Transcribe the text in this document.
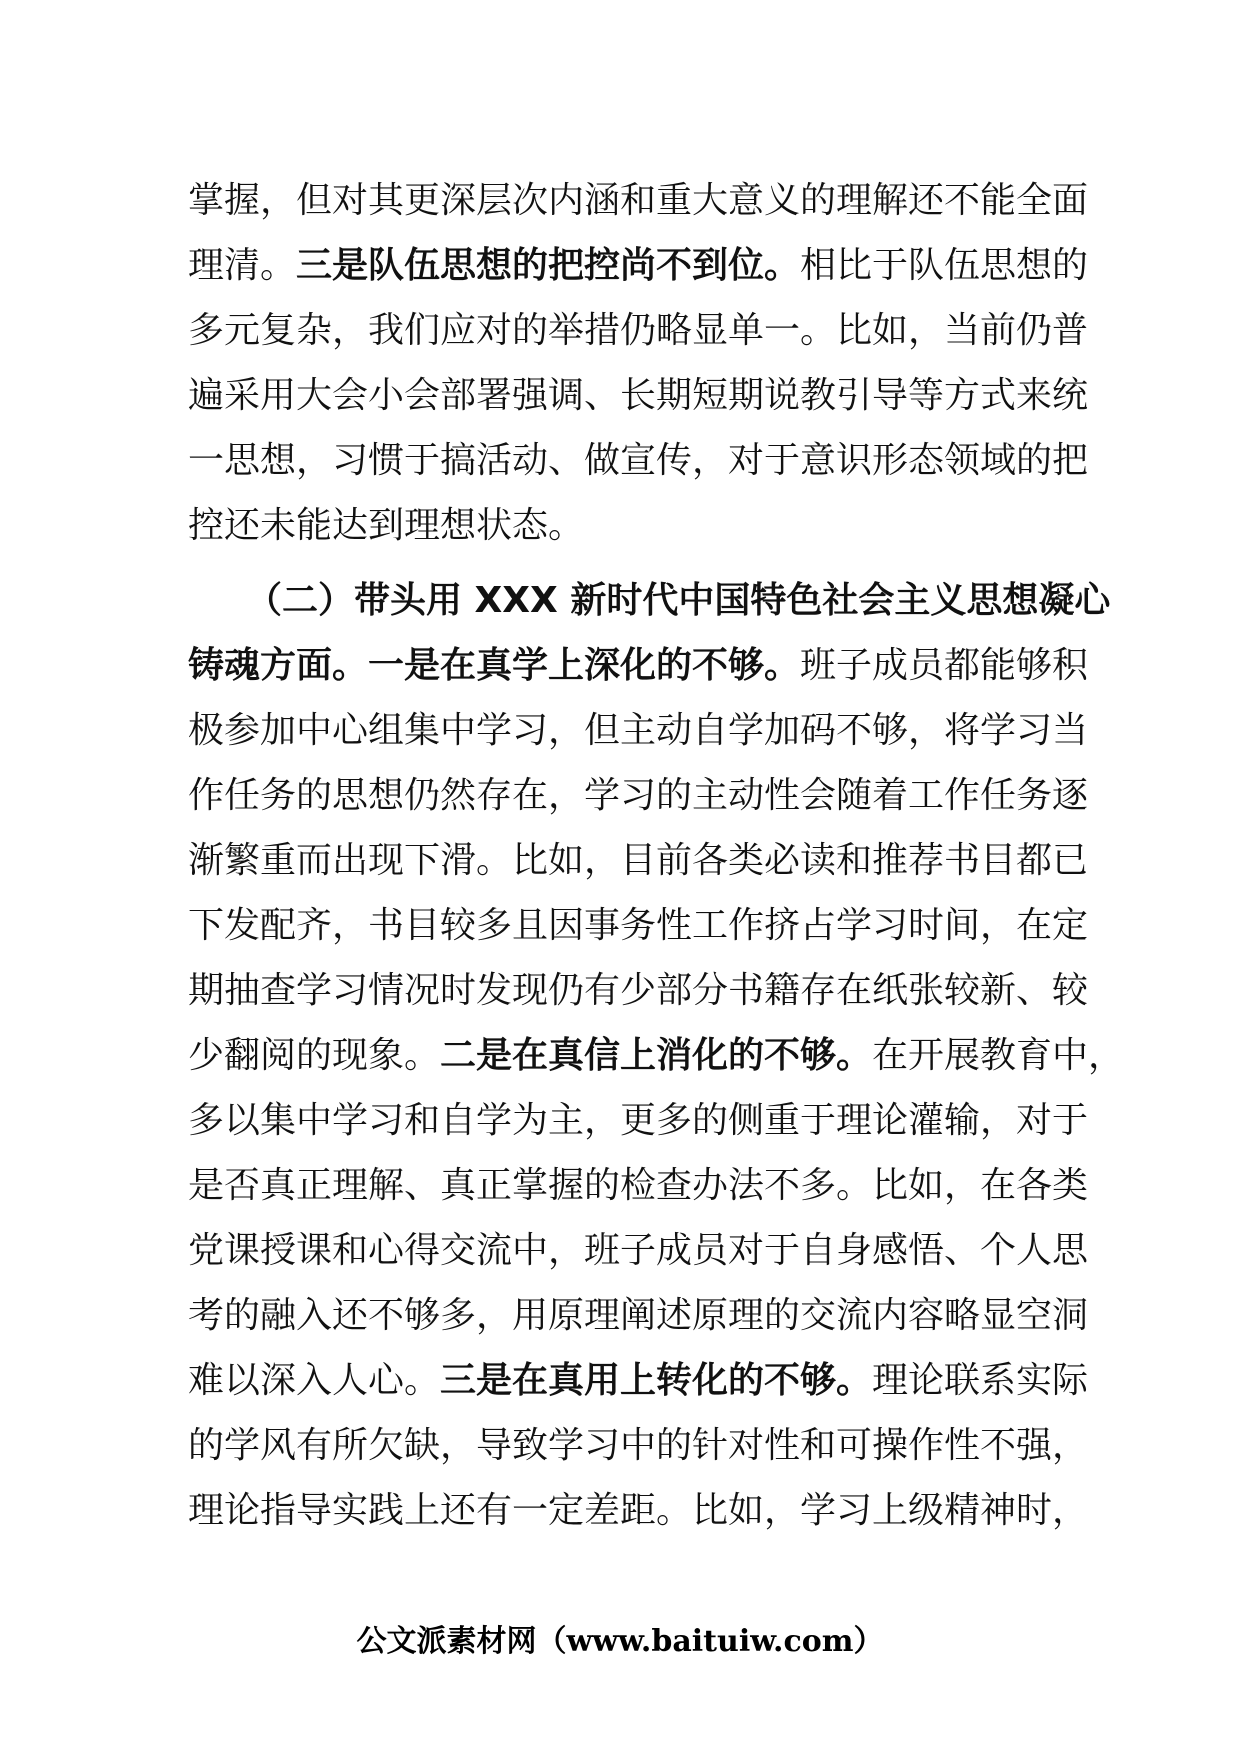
掌握，但对其更深层次内涵和重大意义的理解还不能全面
理清。三是队伍思想的把控尚不到位。相比于队伍思想的
多元复杂，我们应对的举措仍略显单一。比如，当前仍普
遍采用大会小会部署强调、长期短期说教引导等方式来统
一思想，习惯于搞活动、做宣传，对于意识形态领域的把
控还未能达到理想状态。
（二）带头用 XXX 新时代中国特色社会主义思想凝心
铸魂方面。一是在真学上深化的不够。班子成员都能够积
极参加中心组集中学习，但主动自学加码不够，将学习当
作任务的思想仍然存在，学习的主动性会随着工作任务逐
渐繁重而出现下滑。比如，目前各类必读和推荐书目都已
下发配齐，书目较多且因事务性工作挤占学习时间，在定
期抽查学习情况时发现仍有少部分书籍存在纸张较新、较
少翻阅的现象。二是在真信上消化的不够。在开展教育中，
多以集中学习和自学为主，更多的侧重于理论灌输，对于
是否真正理解、真正掌握的检查办法不多。比如，在各类
党课授课和心得交流中，班子成员对于自身感悟、个人思
考的融入还不够多，用原理阐述原理的交流内容略显空洞
难以深入人心。三是在真用上转化的不够。理论联系实际
的学风有所欠缺，导致学习中的针对性和可操作性不强，
理论指导实践上还有一定差距。比如，学习上级精神时，
公文派素材网（www.baituiw.com）
